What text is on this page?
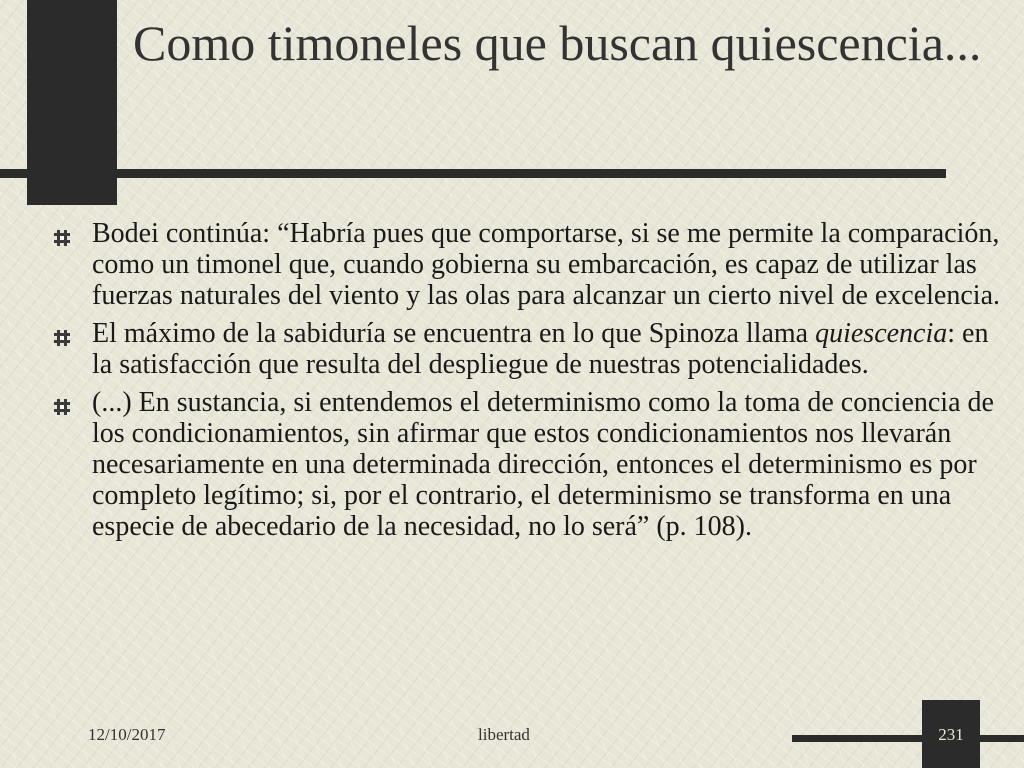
Como timoneles que buscan quiescencia...
Bodei continúa: “Habría pues que comportarse, si se me permite la comparación, como un timonel que, cuando gobierna su embarcación, es capaz de utilizar las fuerzas naturales del viento y las olas para alcanzar un cierto nivel de excelencia.
El máximo de la sabiduría se encuentra en lo que Spinoza llama quiescencia: en la satisfacción que resulta del despliegue de nuestras potencialidades.
(...) En sustancia, si entendemos el determinismo como la toma de conciencia de los condicionamientos, sin afirmar que estos condicionamientos nos llevarán necesariamente en una determinada dirección, entonces el determinismo es por completo legítimo; si, por el contrario, el determinismo se transforma en una especie de abecedario de la necesidad, no lo será” (p. 108).
12/10/2017	libertad	231
